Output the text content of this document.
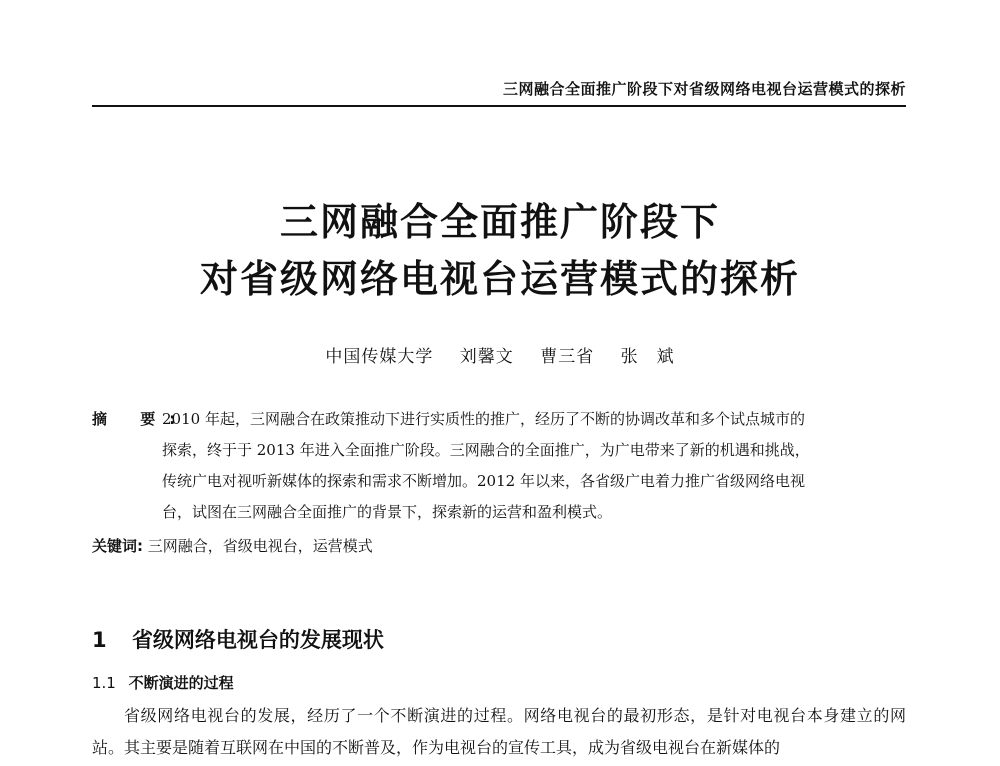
三网融合全面推广阶段下对省级网络电视台运营模式的探析
三网融合全面推广阶段下
对省级网络电视台运营模式的探析
中国传媒大学 刘馨文 曹三省 张　斌
摘 要:
2010 年起，三网融合在政策推动下进行实质性的推广，经历了不断的协调改革和多个试点城市的
探索，终于于 2013 年进入全面推广阶段。三网融合的全面推广，为广电带来了新的机遇和挑战，
传统广电对视听新媒体的探索和需求不断增加。2012 年以来，各省级广电着力推广省级网络电视
台，试图在三网融合全面推广的背景下，探索新的运营和盈利模式。
关键词: 三网融合，省级电视台，运营模式
1 省级网络电视台的发展现状
1.1 不断演进的过程
省级网络电视台的发展，经历了一个不断演进的过程。网络电视台的最初形态，是针对电视台本身建立的网站。其主要是随着互联网在中国的不断普及，作为电视台的宣传工具，成为省级电视台在新媒体的
